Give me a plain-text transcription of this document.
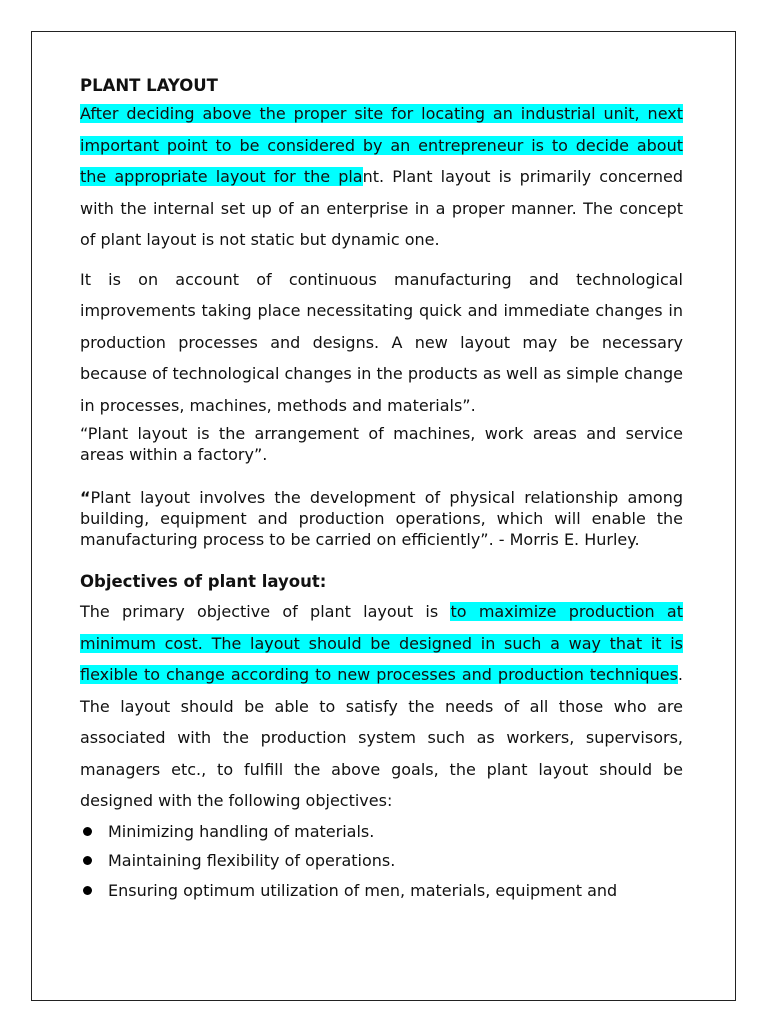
PLANT LAYOUT

After deciding above the proper site for locating an industrial unit, next important point to be considered by an entrepreneur is to decide about the appropriate layout for the plant. Plant layout is primarily concerned with the internal set up of an enterprise in a proper manner. The concept of plant layout is not static but dynamic one.

It is on account of continuous manufacturing and technological improvements taking place necessitating quick and immediate changes in production processes and designs. A new layout may be necessary because of technological changes in the products as well as simple change in processes, machines, methods and materials”.

“Plant layout is the arrangement of machines, work areas and service areas within a factory”.

“Plant layout involves the development of physical relationship among building, equipment and production operations, which will enable the manufacturing process to be carried on efficiently”. - Morris E. Hurley.

Objectives of plant layout:

The primary objective of plant layout is to maximize production at minimum cost. The layout should be designed in such a way that it is flexible to change according to new processes and production techniques. The layout should be able to satisfy the needs of all those who are associated with the production system such as workers, supervisors, managers etc., to fulfill the above goals, the plant layout should be designed with the following objectives:

Minimizing handling of materials.
Maintaining flexibility of operations.
Ensuring optimum utilization of men, materials, equipment and
